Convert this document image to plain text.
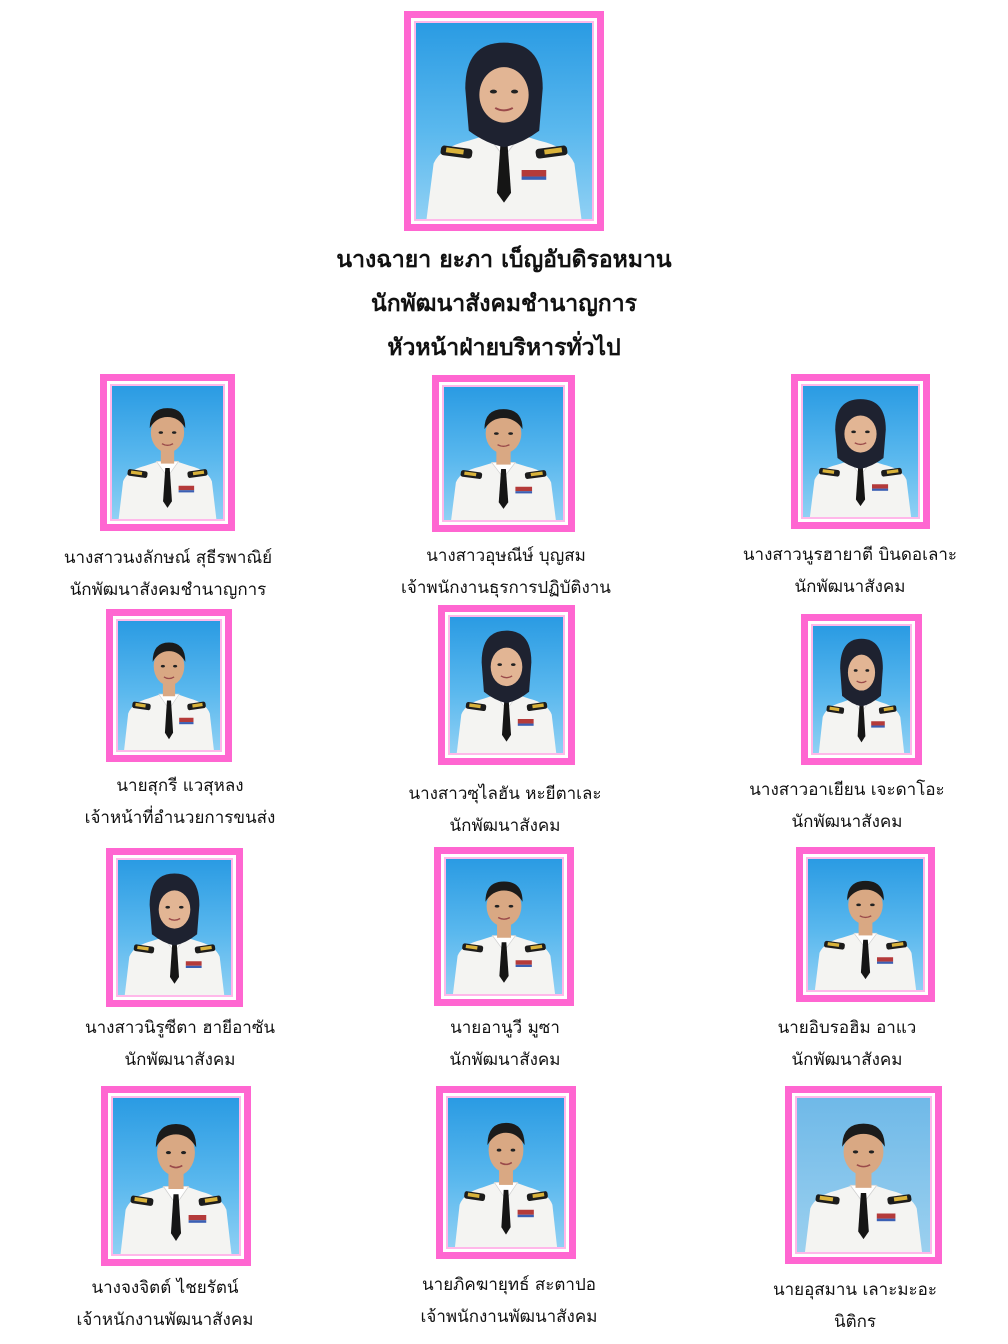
นางฉายา ยะภา เบ็ญอับดิรอหมาน
นักพัฒนาสังคมชำนาญการ
หัวหน้าฝ่ายบริหารทั่วไป
นางสาวนงลักษณ์ สุธีรพาณิย์
นักพัฒนาสังคมชำนาญการ
นางสาวอุษณีษ์ บุญสม
เจ้าพนักงานธุรการปฏิบัติงาน
นางสาวนูรฮายาตี บินดอเลาะ
นักพัฒนาสังคม
นายสุกรี แวสุหลง
เจ้าหน้าที่อำนวยการขนส่ง
นางสาวซุไลฮัน หะยีตาเละ
นักพัฒนาสังคม
นางสาวอาเยียน เจะดาโอะ
นักพัฒนาสังคม
นางสาวนิรูซีตา ฮายีอาซัน
นักพัฒนาสังคม
นายอานูวี มูซา
นักพัฒนาสังคม
นายอิบรอฮิม อาแว
นักพัฒนาสังคม
นางจงจิตต์ ไชยรัตน์
เจ้าหนักงานพัฒนาสังคม
นายภิคฆายุทธ์ สะตาปอ
เจ้าพนักงานพัฒนาสังคม
นายอุสมาน เลาะมะอะ
นิติกร
